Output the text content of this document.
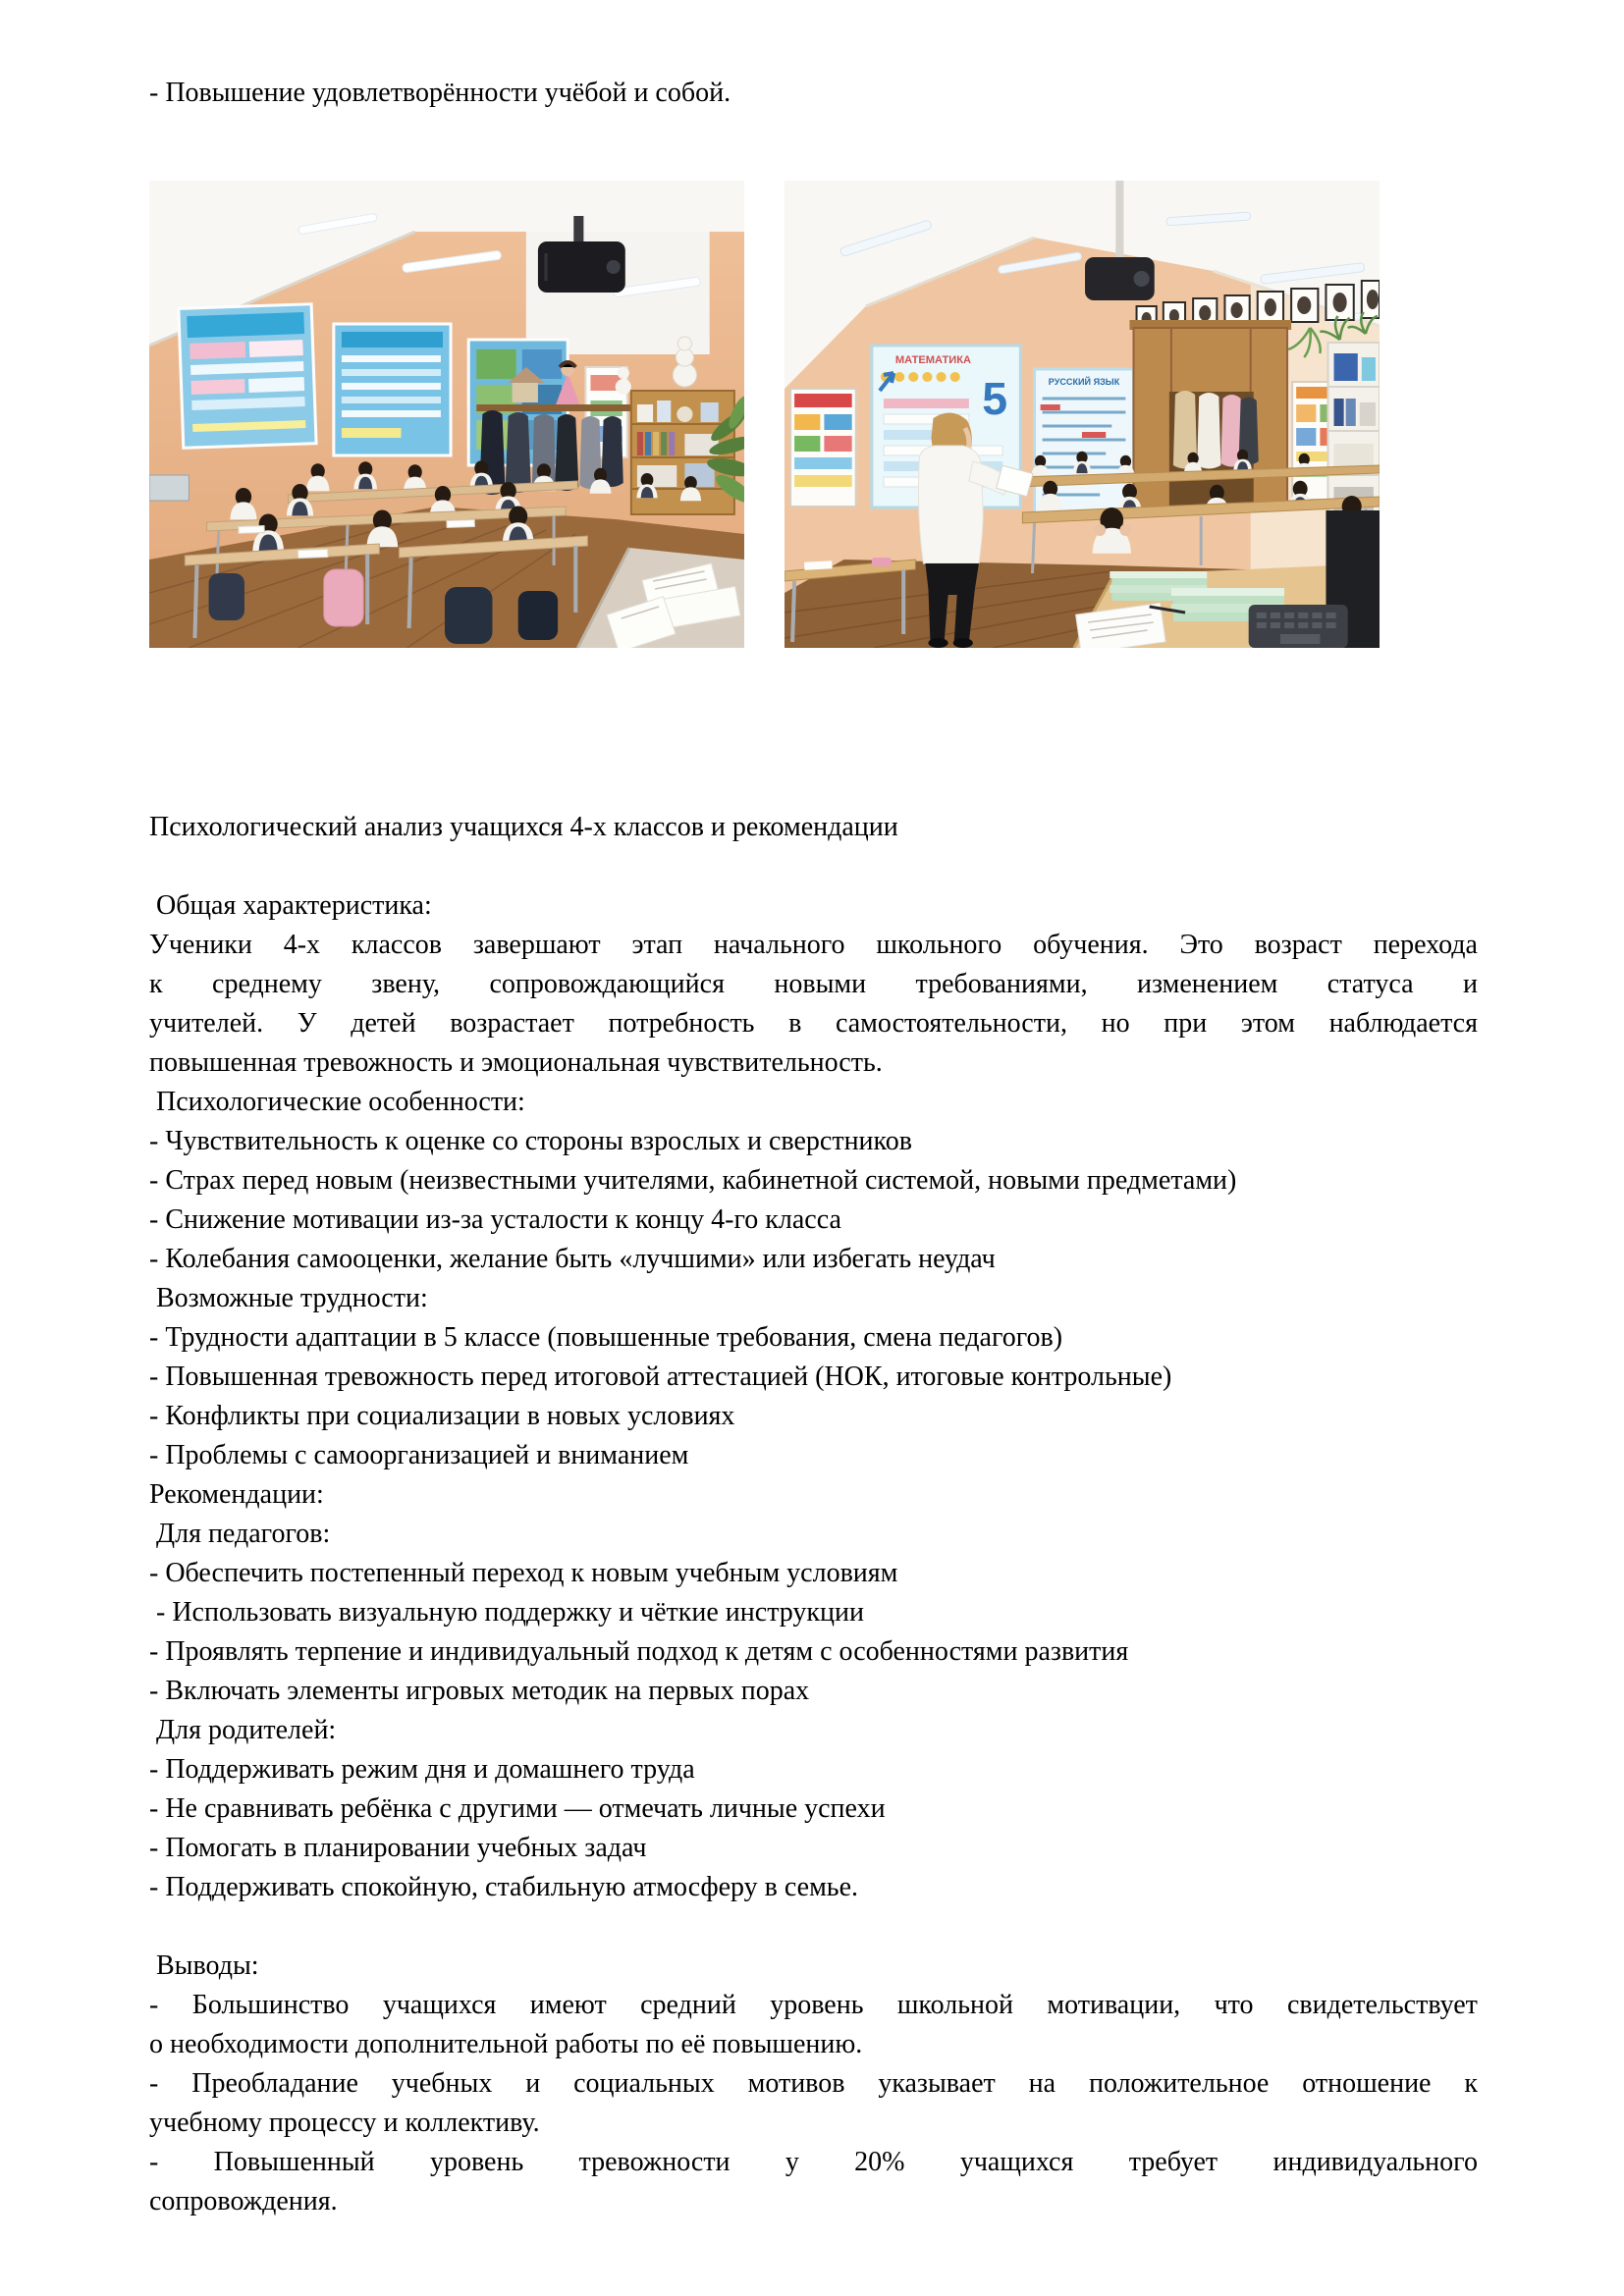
- Повышение удовлетворённости учёбой и собой.
МАТЕМАТИКА
5	РУССКИЙ ЯЗЫК
Психологический анализ учащихся 4-х классов и рекомендации

Общая характеристика:
Ученики 4-х классов завершают этап начального школьного обучения. Это возраст перехода
к среднему звену, сопровождающийся новыми требованиями, изменением статуса и
учителей. У детей возрастает потребность в самостоятельности, но при этом наблюдается
повышенная тревожность и эмоциональная чувствительность.
Психологические особенности:
- Чувствительность к оценке со стороны взрослых и сверстников
- Страх перед новым (неизвестными учителями, кабинетной системой, новыми предметами)
- Снижение мотивации из-за усталости к концу 4-го класса
- Колебания самооценки, желание быть «лучшими» или избегать неудач
Возможные трудности:
- Трудности адаптации в 5 классе (повышенные требования, смена педагогов)
- Повышенная тревожность перед итоговой аттестацией (НОК, итоговые контрольные)
- Конфликты при социализации в новых условиях
- Проблемы с самоорганизацией и вниманием
Рекомендации:
Для педагогов:
- Обеспечить постепенный переход к новым учебным условиям
- Использовать визуальную поддержку и чёткие инструкции
- Проявлять терпение и индивидуальный подход к детям с особенностями развития
- Включать элементы игровых методик на первых порах
Для родителей:
- Поддерживать режим дня и домашнего труда
- Не сравнивать ребёнка с другими — отмечать личные успехи
- Помогать в планировании учебных задач
- Поддерживать спокойную, стабильную атмосферу в семье.

Выводы:
- Большинство учащихся имеют средний уровень школьной мотивации, что свидетельствует
о необходимости дополнительной работы по её повышению.
- Преобладание учебных и социальных мотивов указывает на положительное отношение к
учебному процессу и коллективу.
- Повышенный уровень тревожности у 20% учащихся требует индивидуального
сопровождения.
